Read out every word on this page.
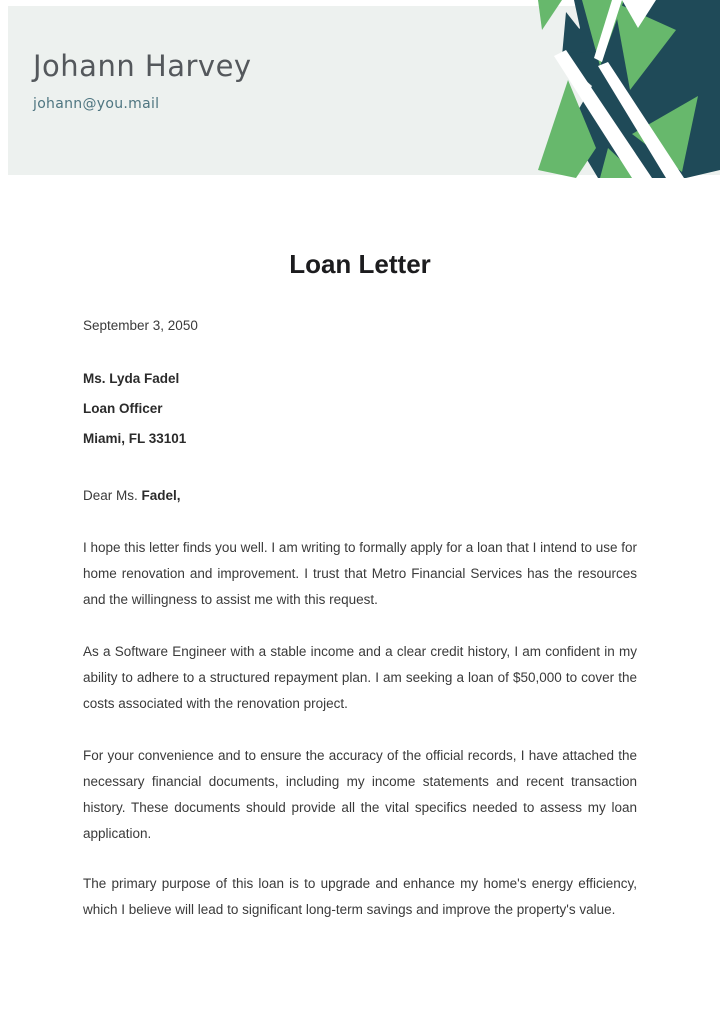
Johann Harvey

johann@you.mail

Loan Letter

September 3, 2050

Ms. Lyda Fadel

Loan Officer

Miami, FL 33101

Dear Ms. Fadel,

I hope this letter finds you well. I am writing to formally apply for a loan that I intend to use for home renovation and improvement. I trust that Metro Financial Services has the resources and the willingness to assist me with this request.

As a Software Engineer with a stable income and a clear credit history, I am confident in my ability to adhere to a structured repayment plan. I am seeking a loan of $50,000 to cover the costs associated with the renovation project.

For your convenience and to ensure the accuracy of the official records, I have attached the necessary financial documents, including my income statements and recent transaction history. These documents should provide all the vital specifics needed to assess my loan application.

The primary purpose of this loan is to upgrade and enhance my home's energy efficiency, which I believe will lead to significant long-term savings and improve the property's value.
